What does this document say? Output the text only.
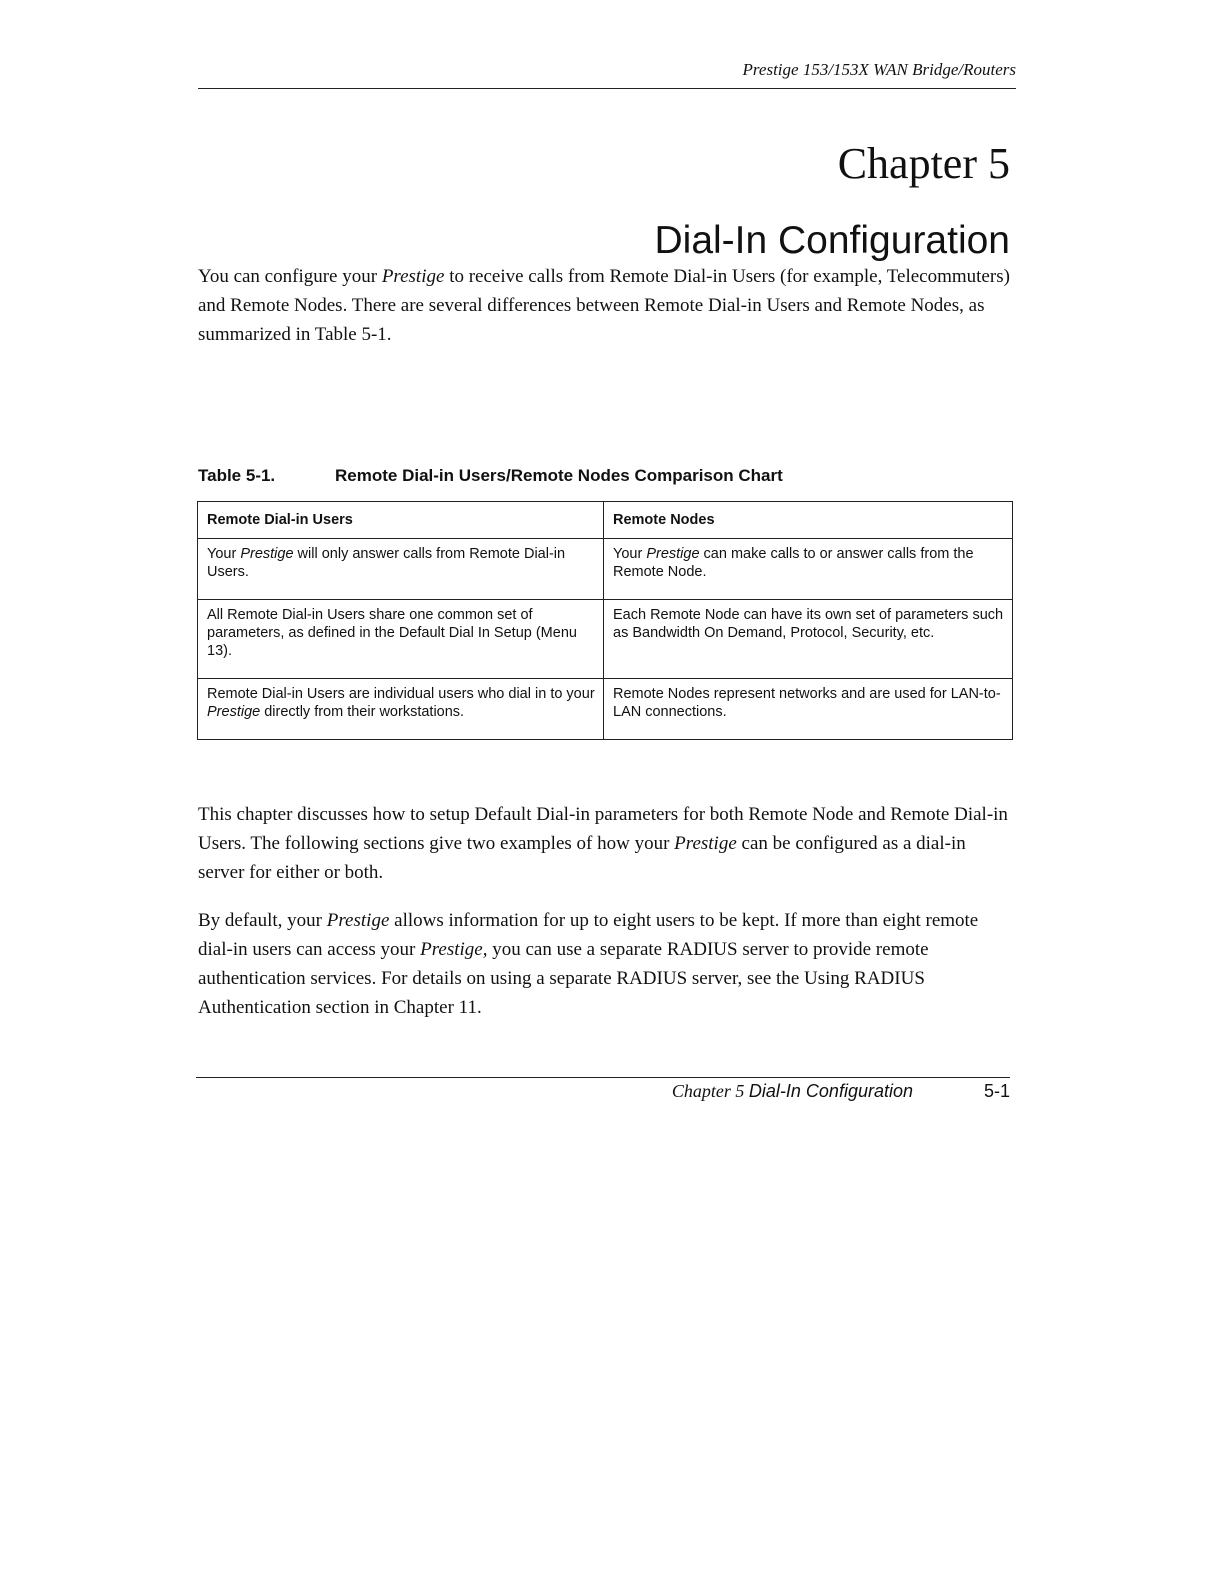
Prestige 153/153X WAN Bridge/Routers
Chapter 5
Dial-In Configuration
You can configure your Prestige to receive calls from Remote Dial-in Users (for example, Telecommuters) and Remote Nodes. There are several differences between Remote Dial-in Users and Remote Nodes, as summarized in Table 5-1.
Table 5-1.	Remote Dial-in Users/Remote Nodes Comparison Chart
Remote Dial-in Users	Remote Nodes
Your Prestige will only answer calls from Remote Dial-in Users.	Your Prestige can make calls to or answer calls from the Remote Node.
All Remote Dial-in Users share one common set of parameters, as defined in the Default Dial In Setup (Menu 13).	Each Remote Node can have its own set of parameters such as Bandwidth On Demand, Protocol, Security, etc.
Remote Dial-in Users are individual users who dial in to your Prestige directly from their workstations.	Remote Nodes represent networks and are used for LAN-to-LAN connections.
This chapter discusses how to setup Default Dial-in parameters for both Remote Node and Remote Dial-in Users. The following sections give two examples of how your Prestige can be configured as a dial-in server for either or both.
By default, your Prestige allows information for up to eight users to be kept. If more than eight remote dial-in users can access your Prestige, you can use a separate RADIUS server to provide remote authentication services. For details on using a separate RADIUS server, see the Using RADIUS Authentication section in Chapter 11.
Chapter 5 Dial-In Configuration	5-1
